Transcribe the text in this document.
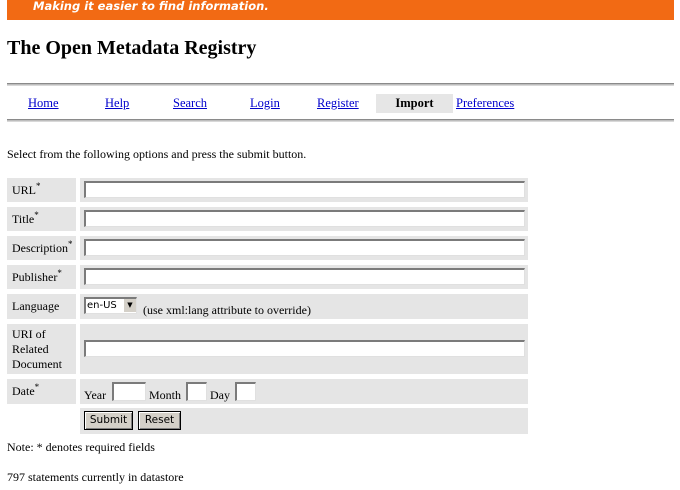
Making it easier to find information.
The Open Metadata Registry
Home	Help	Search	Login	Register	Import	Preferences
Select from the following options and press the submit button.
URL*
Title*
Description*
Publisher*
Language	en-US	▼ (use xml:lang attribute to override)
URI of
Related
Document
Date*
Year	Month Day
Submit	Reset
Note: * denotes required fields
797 statements currently in datastore
